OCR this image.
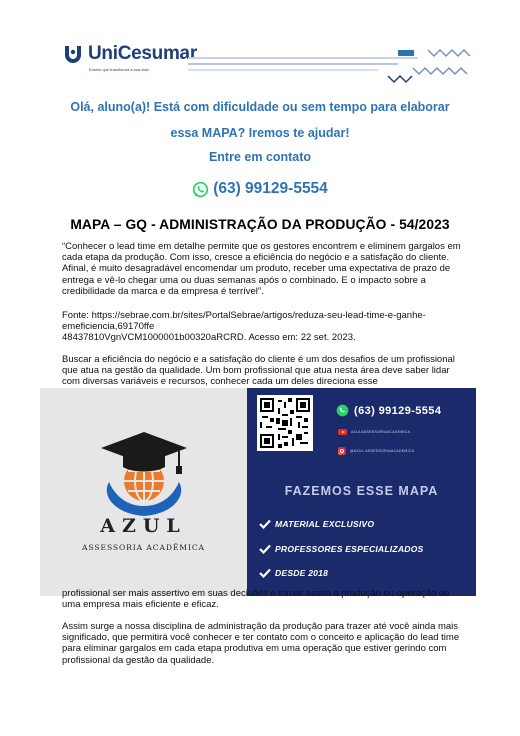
UniCesumar
Ensino que transforma a sua vida
Olá, aluno(a)! Está com dificuldade ou sem tempo para elaborar
essa MAPA? Iremos te ajudar!
Entre em contato
(63) 99129-5554
MAPA – GQ - ADMINISTRAÇÃO DA PRODUÇÃO - 54/2023
“Conhecer o lead time em detalhe permite que os gestores encontrem e eliminem gargalos em cada etapa da produção. Com isso, cresce a eficiência do negócio e a satisfação do cliente. Afinal, é muito desagradável encomendar um produto, receber uma expectativa de prazo de entrega e vê-lo chegar uma ou duas semanas após o combinado. E o impacto sobre a credibilidade da marca e da empresa é terrível”.
Fonte: https://sebrae.com.br/sites/PortalSebrae/artigos/reduza-seu-lead-time-e-ganhe-emeficiencia,69170ffe
48437810VgnVCM1000001b00320aRCRD. Acesso em: 22 set. 2023.
Buscar a eficiência do negócio e a satisfação do cliente é um dos desafios de um profissional que atua na gestão da qualidade. Um bom profissional que atua nesta área deve saber lidar com diversas variáveis e recursos, conhecer cada um deles direciona esse
AZUL
ASSESSORIA ACADÊMICA
(63) 99129-5554
AZULASSESSORIAACADEMICA
@AZUL.ASSESSORIAACADEMICA
FAZEMOS ESSE MAPA
MATERIAL EXCLUSIVO
PROFESSORES ESPECIALIZADOS
DESDE 2018
profissional ser mais assertivo em suas decisões e tornar assim a produção ou operação de uma empresa mais eficiente e eficaz.
Assim surge a nossa disciplina de administração da produção para trazer até você ainda mais significado, que permitirá você conhecer e ter contato com o conceito e aplicação do lead time para eliminar gargalos em cada etapa produtiva em uma operação que estiver gerindo com profissional da gestão da qualidade.
